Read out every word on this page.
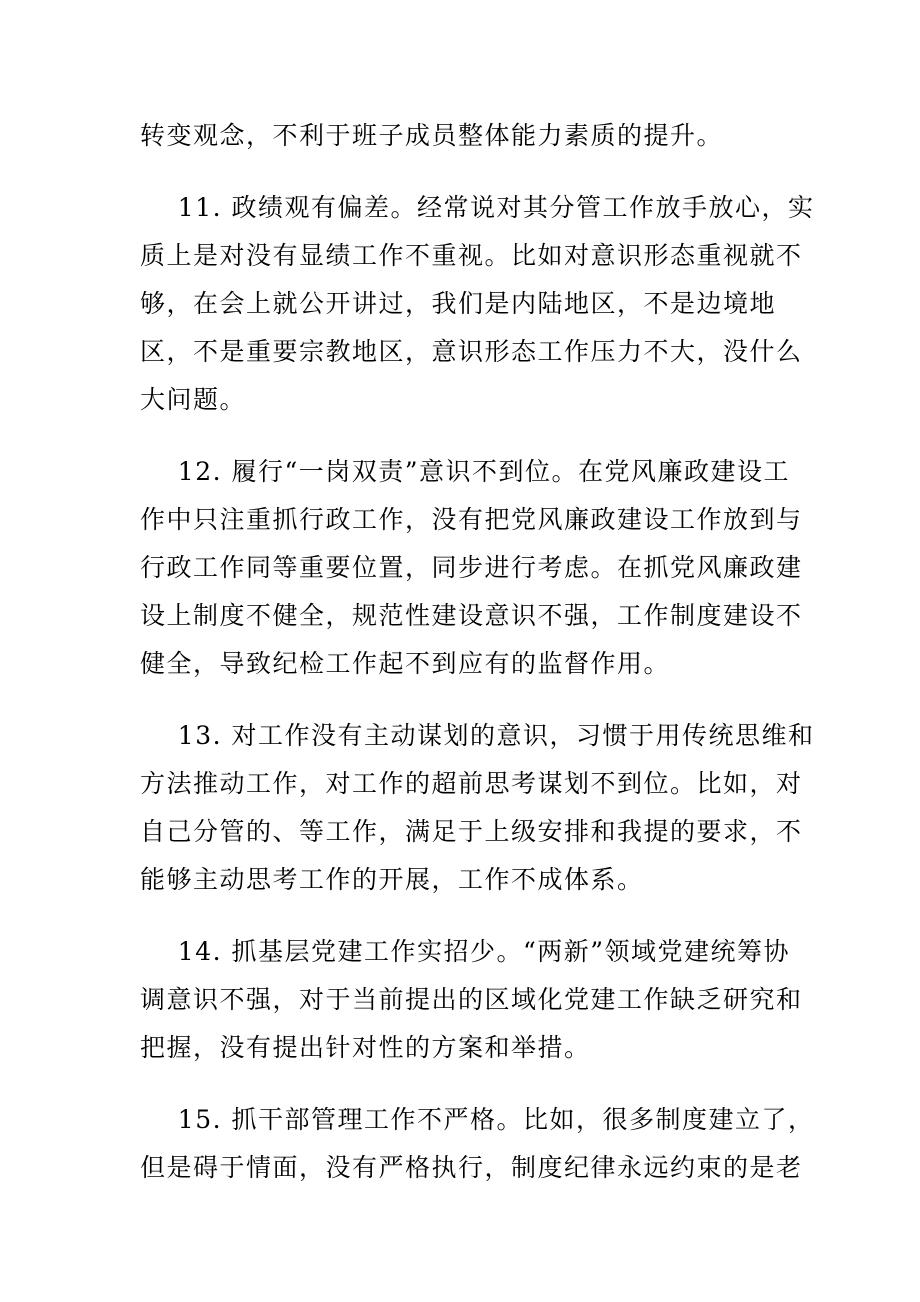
转变观念，不利于班子成员整体能力素质的提升。
11. 政绩观有偏差。经常说对其分管工作放手放心，实
质上是对没有显绩工作不重视。比如对意识形态重视就不
够，在会上就公开讲过，我们是内陆地区，不是边境地
区，不是重要宗教地区，意识形态工作压力不大，没什么
大问题。
12. 履行“一岗双责”意识不到位。在党风廉政建设工
作中只注重抓行政工作，没有把党风廉政建设工作放到与
行政工作同等重要位置，同步进行考虑。在抓党风廉政建
设上制度不健全，规范性建设意识不强，工作制度建设不
健全，导致纪检工作起不到应有的监督作用。
13. 对工作没有主动谋划的意识，习惯于用传统思维和
方法推动工作，对工作的超前思考谋划不到位。比如，对
自己分管的、等工作，满足于上级安排和我提的要求，不
能够主动思考工作的开展，工作不成体系。
14. 抓基层党建工作实招少。“两新”领域党建统筹协
调意识不强，对于当前提出的区域化党建工作缺乏研究和
把握，没有提出针对性的方案和举措。
15. 抓干部管理工作不严格。比如，很多制度建立了，
但是碍于情面，没有严格执行，制度纪律永远约束的是老
